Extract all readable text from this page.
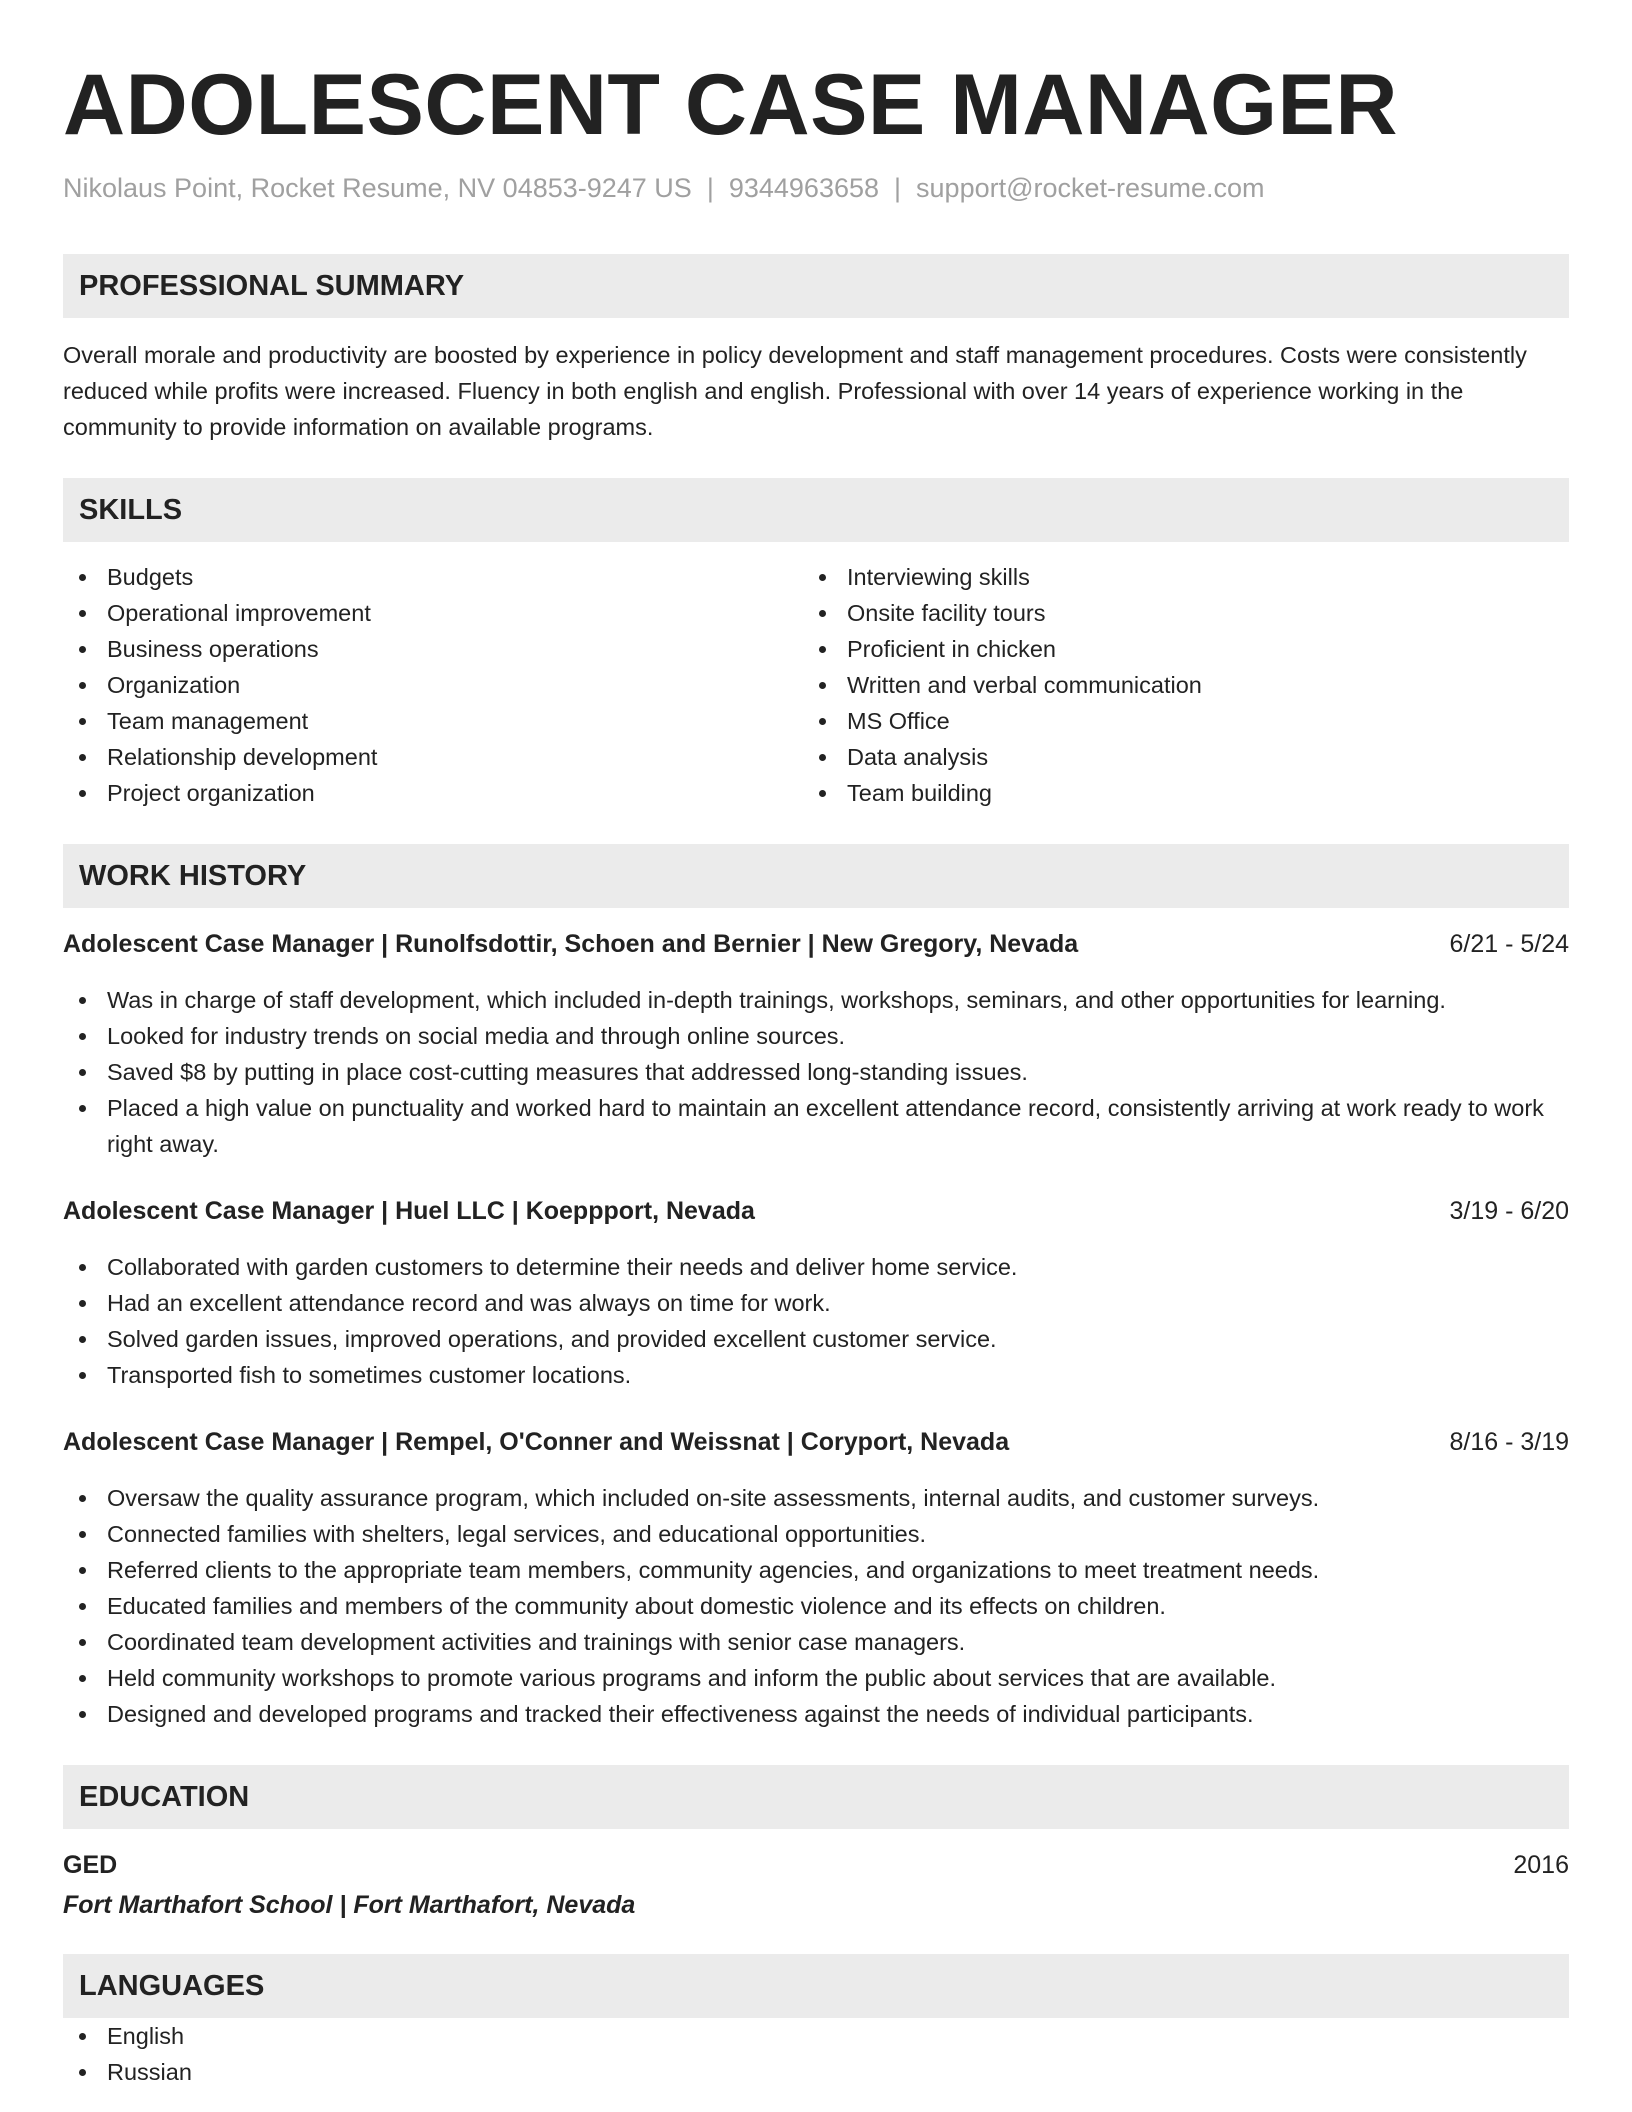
ADOLESCENT CASE MANAGER
Nikolaus Point, Rocket Resume, NV 04853-9247 US | 9344963658 | support@rocket-resume.com
PROFESSIONAL SUMMARY

Overall morale and productivity are boosted by experience in policy development and staff management procedures. Costs were consistently reduced while profits were increased. Fluency in both english and english. Professional with over 14 years of experience working in the community to provide information on available programs.

SKILLS
Budgets
Operational improvement
Business operations
Organization
Team management
Relationship development
Project organization
Interviewing skills
Onsite facility tours
Proficient in chicken
Written and verbal communication
MS Office
Data analysis
Team building
WORK HISTORY
Adolescent Case Manager | Runolfsdottir, Schoen and Bernier | New Gregory, Nevada	6/21 - 5/24
Was in charge of staff development, which included in-depth trainings, workshops, seminars, and other opportunities for learning.
Looked for industry trends on social media and through online sources.
Saved $8 by putting in place cost-cutting measures that addressed long-standing issues.
Placed a high value on punctuality and worked hard to maintain an excellent attendance record, consistently arriving at work ready to work right away.
Adolescent Case Manager | Huel LLC | Koeppport, Nevada	3/19 - 6/20
Collaborated with garden customers to determine their needs and deliver home service.
Had an excellent attendance record and was always on time for work.
Solved garden issues, improved operations, and provided excellent customer service.
Transported fish to sometimes customer locations.
Adolescent Case Manager | Rempel, O'Conner and Weissnat | Coryport, Nevada	8/16 - 3/19
Oversaw the quality assurance program, which included on-site assessments, internal audits, and customer surveys.
Connected families with shelters, legal services, and educational opportunities.
Referred clients to the appropriate team members, community agencies, and organizations to meet treatment needs.
Educated families and members of the community about domestic violence and its effects on children.
Coordinated team development activities and trainings with senior case managers.
Held community workshops to promote various programs and inform the public about services that are available.
Designed and developed programs and tracked their effectiveness against the needs of individual participants.
EDUCATION
GED	2016
Fort Marthafort School | Fort Marthafort, Nevada
LANGUAGES
English
Russian
